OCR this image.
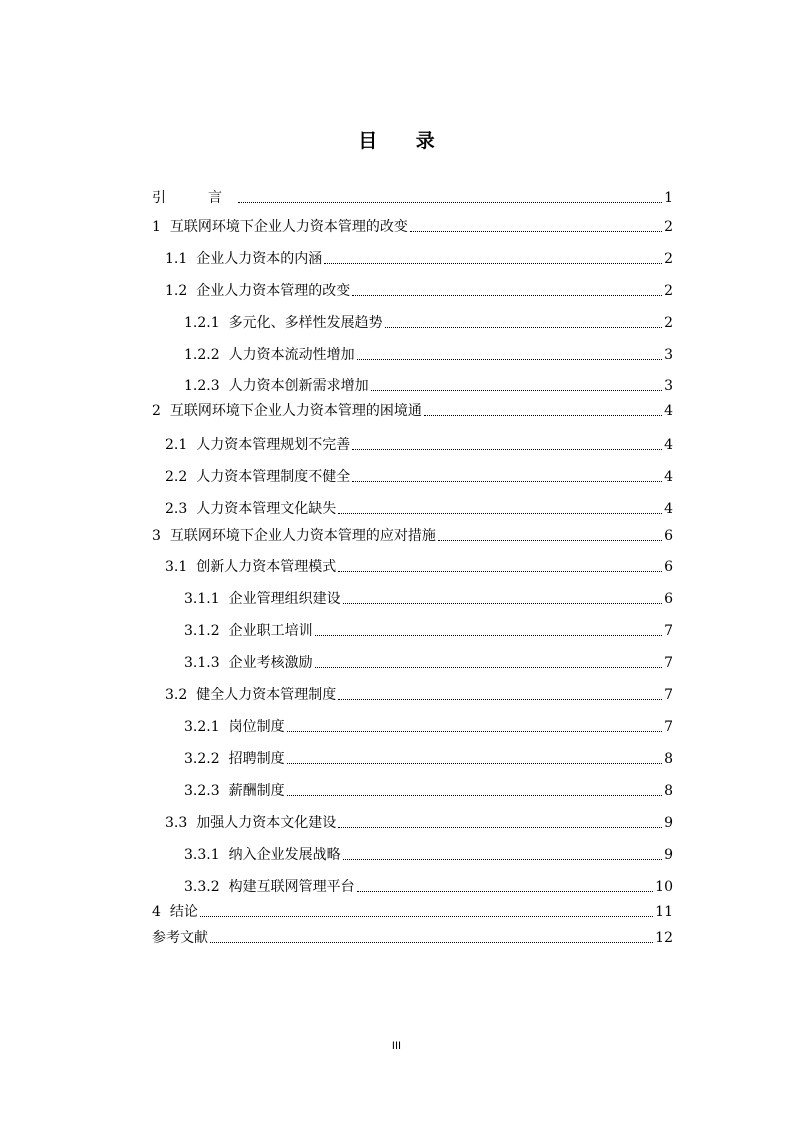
目 录
引　言	1
1 互联网环境下企业人力资本管理的改变	2
1.1 企业人力资本的内涵	2
1.2 企业人力资本管理的改变	2
1.2.1 多元化、多样性发展趋势	2
1.2.2 人力资本流动性增加	3
1.2.3 人力资本创新需求增加	3
2 互联网环境下企业人力资本管理的困境通	4
2.1 人力资本管理规划不完善	4
2.2 人力资本管理制度不健全	4
2.3 人力资本管理文化缺失	4
3 互联网环境下企业人力资本管理的应对措施	6
3.1 创新人力资本管理模式	6
3.1.1 企业管理组织建设	6
3.1.2 企业职工培训	7
3.1.3 企业考核激励	7
3.2 健全人力资本管理制度	7
3.2.1 岗位制度	7
3.2.2 招聘制度	8
3.2.3 薪酬制度	8
3.3 加强人力资本文化建设	9
3.3.1 纳入企业发展战略	9
3.3.2 构建互联网管理平台	10
4 结论	11
参考文献	12
III
